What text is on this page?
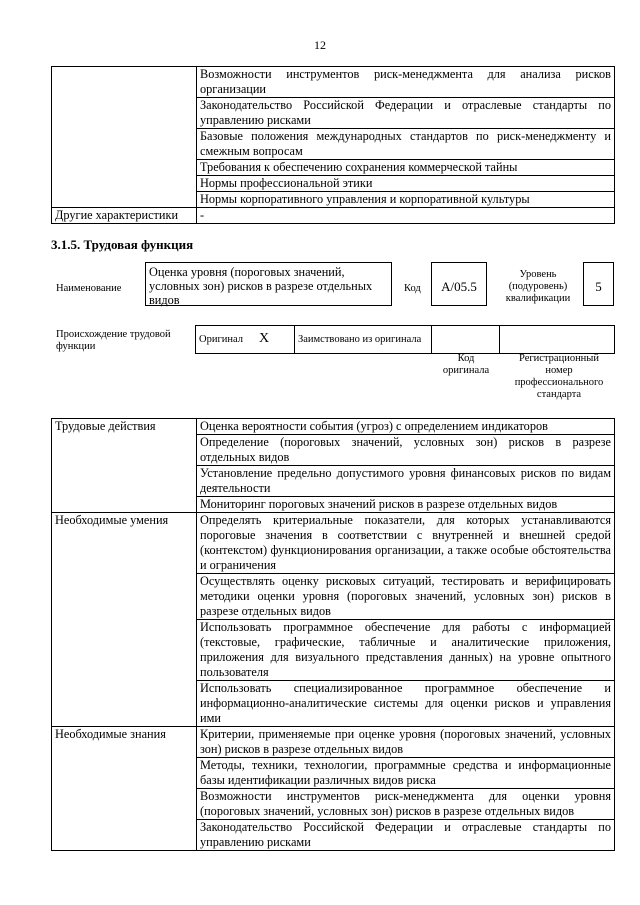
12
	Возможности инструментов риск-менеджмента для анализа рисков организации
	Законодательство Российской Федерации и отраслевые стандарты по управлению рисками
	Базовые положения международных стандартов по риск-менеджменту и смежным вопросам
	Требования к обеспечению сохранения коммерческой тайны
	Нормы профессиональной этики
	Нормы корпоративного управления и корпоративной культуры
Другие характеристики	-
3.1.5. Трудовая функция
Наименование
Оценка уровня (пороговых значений, условных зон) рисков в разрезе отдельных видов
Код	A/05.5
Уровень (подуровень) квалификации
5
Происхождение трудовой функции
Оригинал X	Заимствовано из оригинала		
Код оригинала
Регистрационный номер профессионального стандарта
Трудовые действия	Оценка вероятности события (угроз) с определением индикаторов
	Определение (пороговых значений, условных зон) рисков в разрезе отдельных видов
	Установление предельно допустимого уровня финансовых рисков по видам деятельности
	Мониторинг пороговых значений рисков в разрезе отдельных видов
Необходимые умения	Определять критериальные показатели, для которых устанавливаются пороговые значения в соответствии с внутренней и внешней средой (контекстом) функционирования организации, а также особые обстоятельства и ограничения
	Осуществлять оценку рисковых ситуаций, тестировать и верифицировать методики оценки уровня (пороговых значений, условных зон) рисков в разрезе отдельных видов
	Использовать программное обеспечение для работы с информацией (текстовые, графические, табличные и аналитические приложения, приложения для визуального представления данных) на уровне опытного пользователя
	Использовать специализированное программное обеспечение и информационно-аналитические системы для оценки рисков и управления ими
Необходимые знания	Критерии, применяемые при оценке уровня (пороговых значений, условных зон) рисков в разрезе отдельных видов
	Методы, техники, технологии, программные средства и информационные базы идентификации различных видов риска
	Возможности инструментов риск-менеджмента для оценки уровня (пороговых значений, условных зон) рисков в разрезе отдельных видов
	Законодательство Российской Федерации и отраслевые стандарты по управлению рисками
